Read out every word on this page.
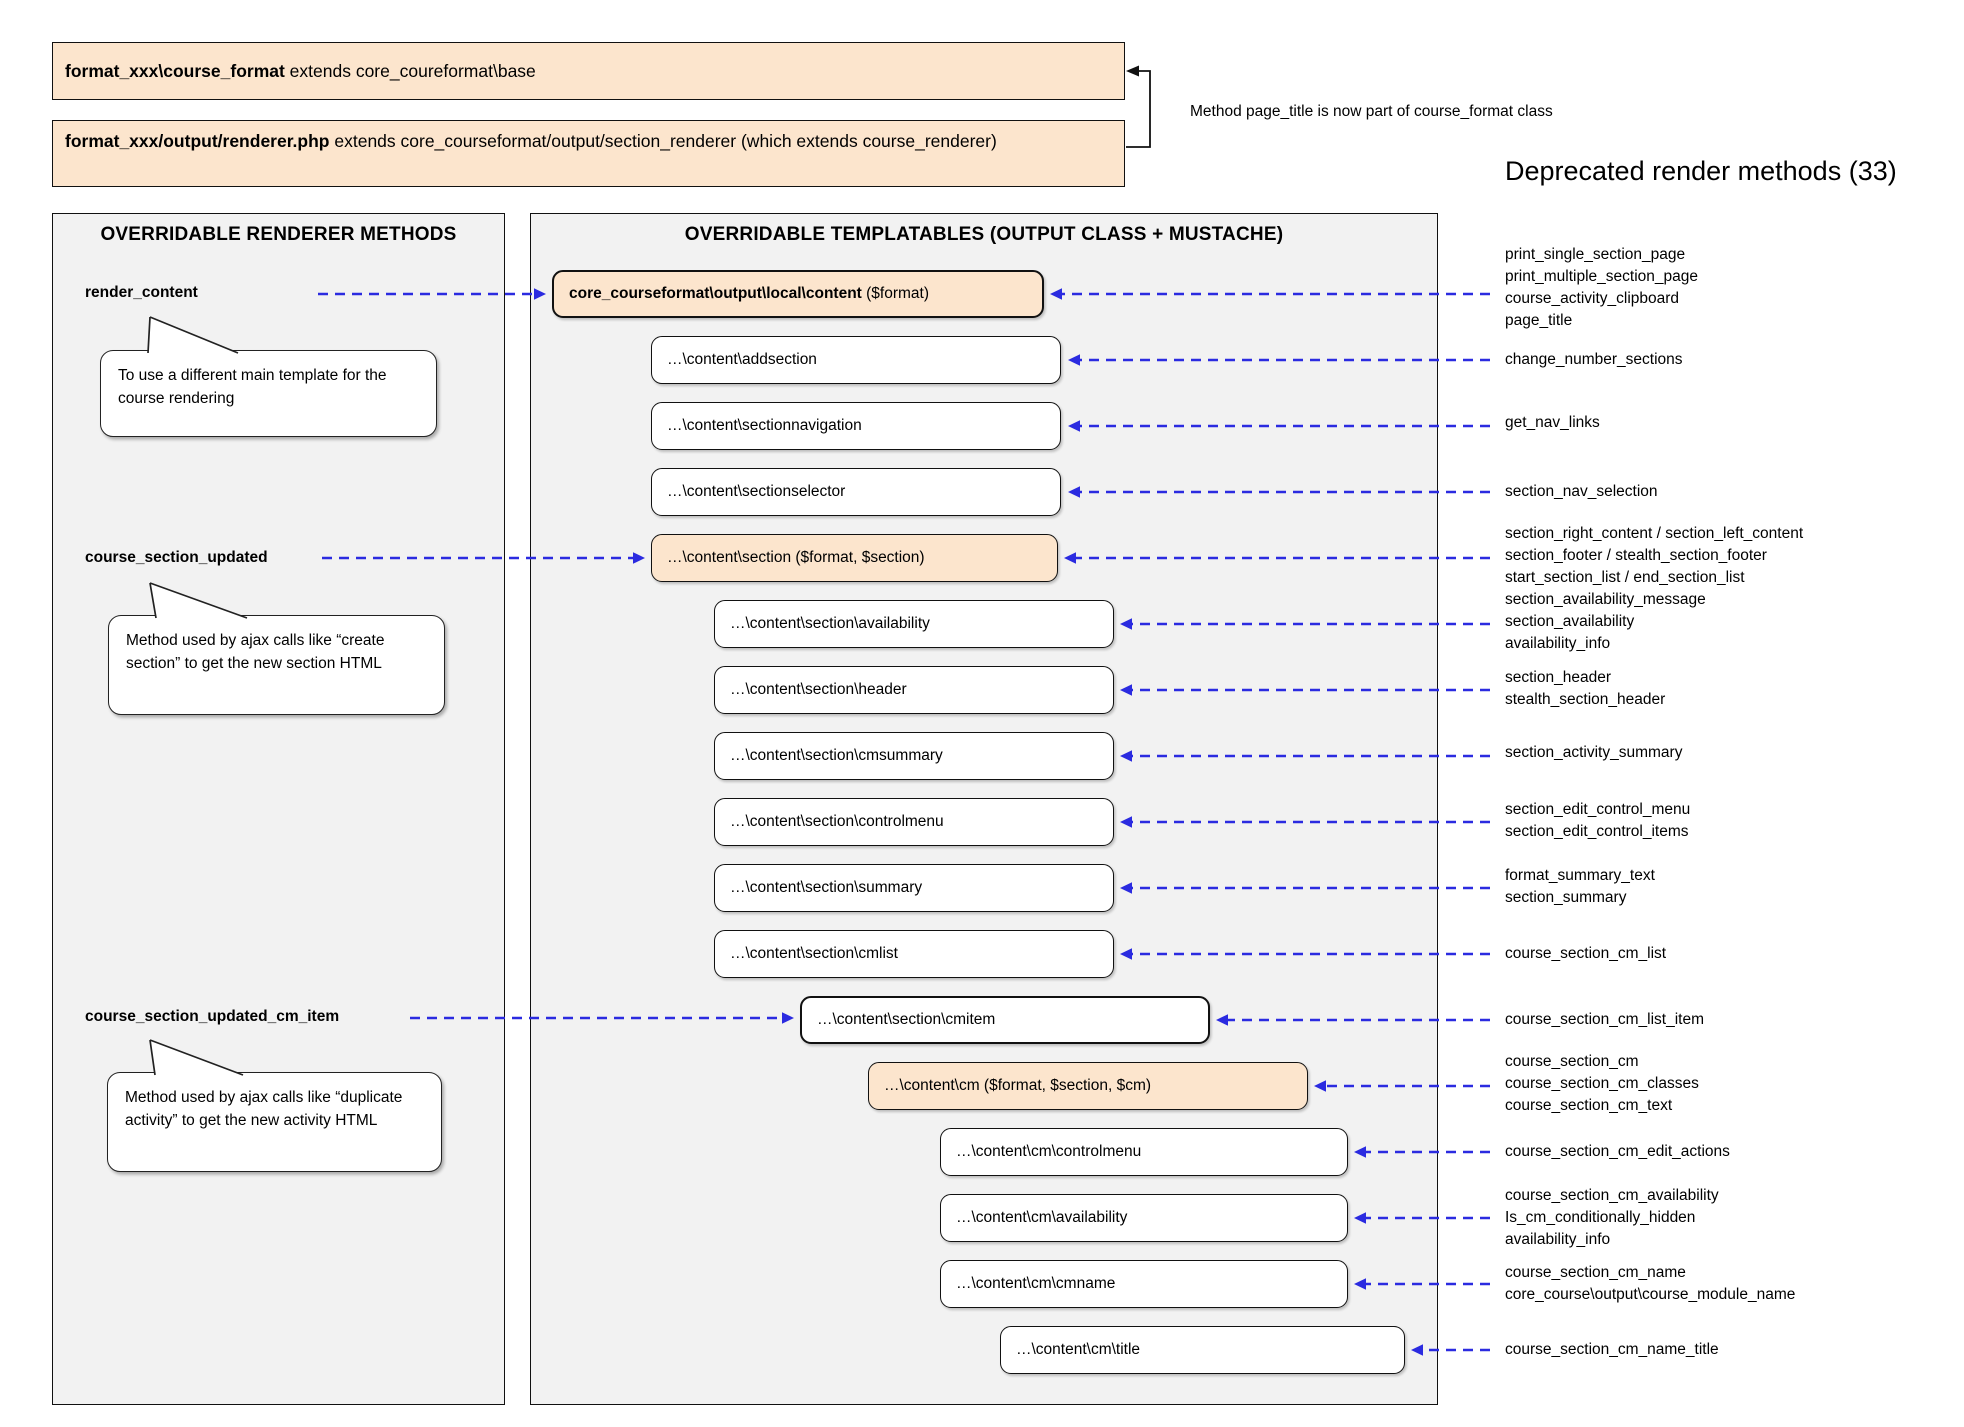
format_xxx\course_format extends core_coureformat\base
format_xxx/output/renderer.php extends core_courseformat/output/section_renderer (which extends course_renderer)
Method page_title is now part of course_format class
Deprecated render methods (33)
OVERRIDABLE RENDERER METHODS	OVERRIDABLE TEMPLATABLES (OUTPUT CLASS + MUSTACHE)
core_courseformat\output\local\content ($format)
…\content\addsection
…\content\sectionnavigation
…\content\sectionselector
…\content\section ($format, $section)
…\content\section\availability
…\content\section\header
…\content\section\cmsummary
…\content\section\controlmenu
…\content\section\summary
…\content\section\cmlist
…\content\section\cmitem
…\content\cm ($format, $section, $cm)
…\content\cm\controlmenu
…\content\cm\availability
…\content\cm\cmname
…\content\cm\title
render_content
To use a different main template for the course rendering
course_section_updated
Method used by ajax calls like “create section” to get the new section HTML
course_section_updated_cm_item
Method used by ajax calls like “duplicate activity” to get the new activity HTML
print_single_section_page
print_multiple_section_page
course_activity_clipboard
page_title
change_number_sections
get_nav_links
section_nav_selection
section_right_content / section_left_content
section_footer / stealth_section_footer
start_section_list / end_section_list
section_availability_message
section_availability
availability_info
section_header
stealth_section_header
section_activity_summary
section_edit_control_menu
section_edit_control_items
format_summary_text
section_summary
course_section_cm_list
course_section_cm_list_item
course_section_cm
course_section_cm_classes
course_section_cm_text
course_section_cm_edit_actions
course_section_cm_availability
Is_cm_conditionally_hidden
availability_info
course_section_cm_name
core_course\output\course_module_name
course_section_cm_name_title
